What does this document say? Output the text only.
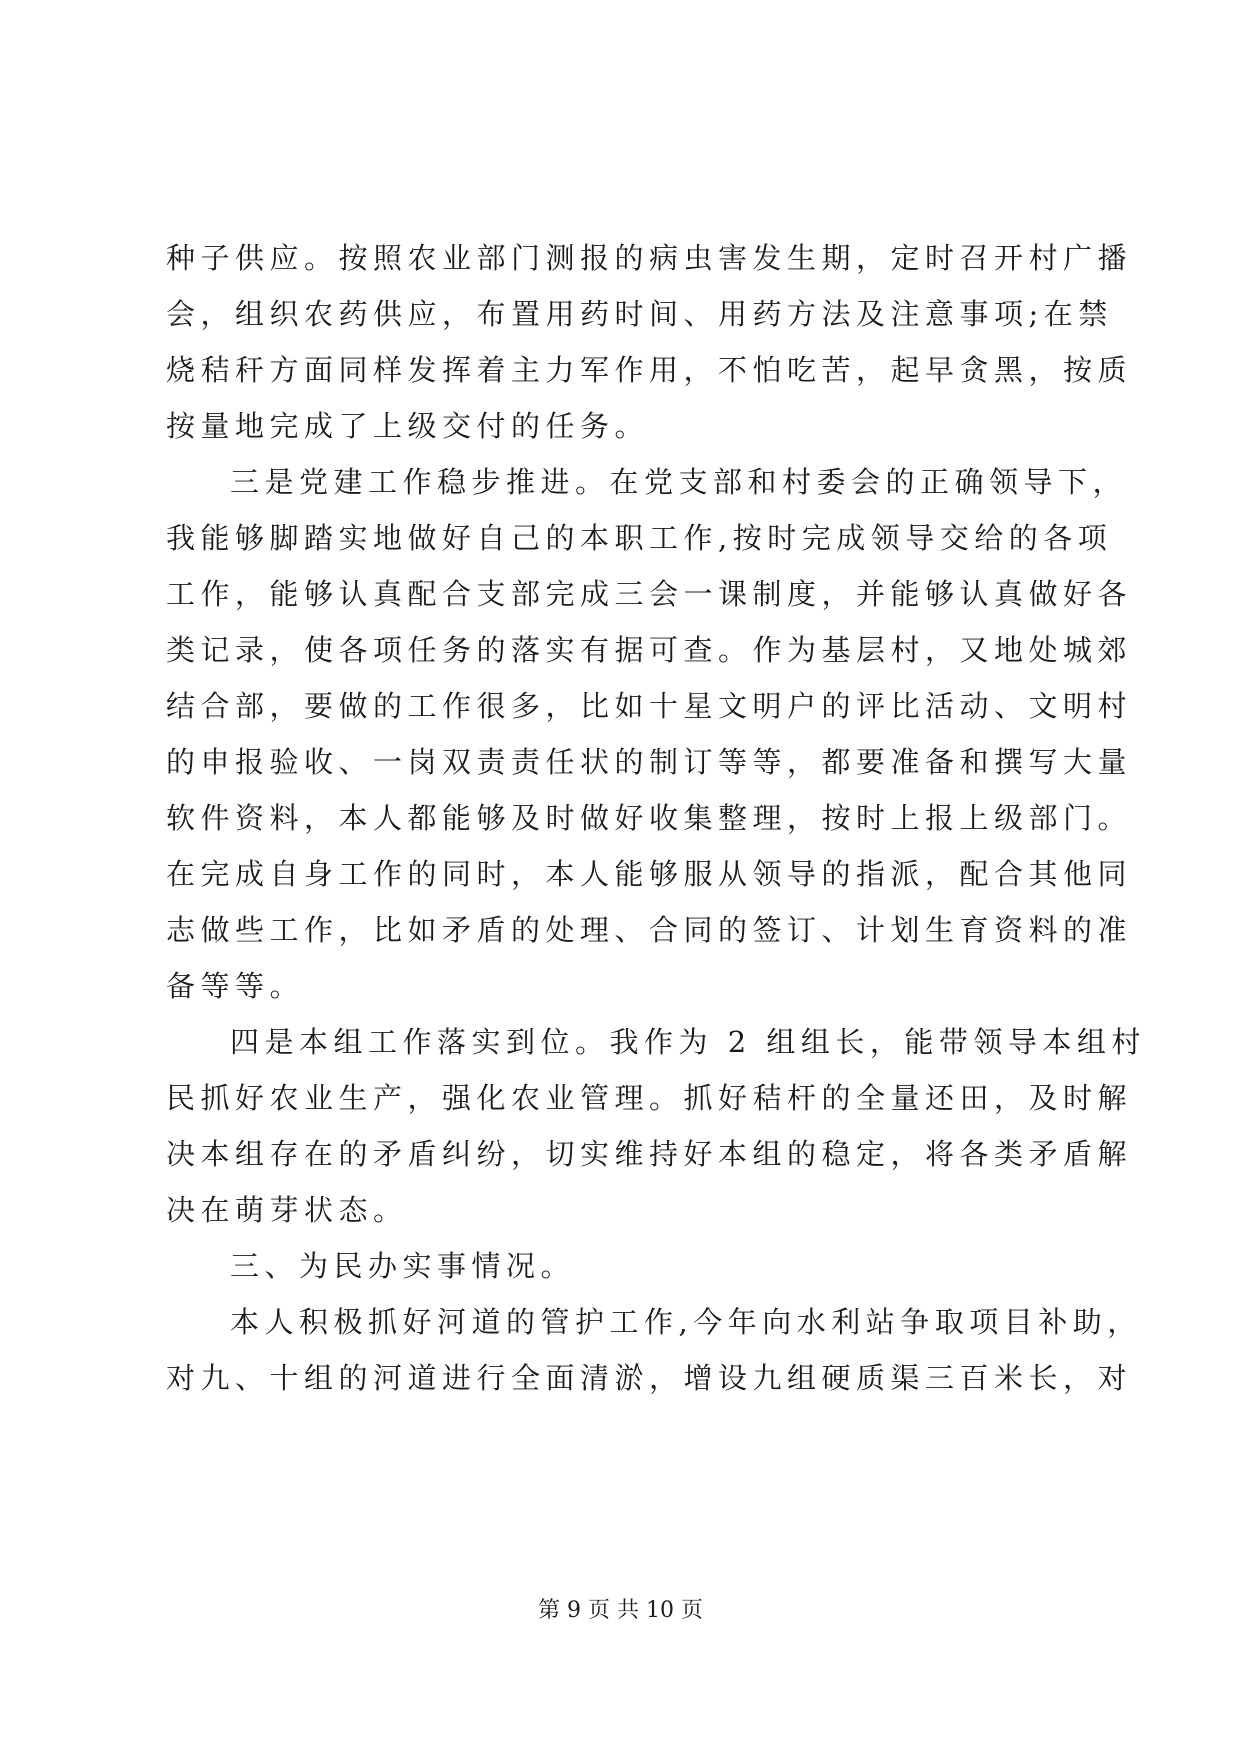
种子供应。按照农业部门测报的病虫害发生期，定时召开村广播
会，组织农药供应，布置用药时间、用药方法及注意事项;在禁
烧秸秆方面同样发挥着主力军作用，不怕吃苦，起早贪黑，按质
按量地完成了上级交付的任务。
三是党建工作稳步推进。在党支部和村委会的正确领导下，
我能够脚踏实地做好自己的本职工作,按时完成领导交给的各项
工作，能够认真配合支部完成三会一课制度，并能够认真做好各
类记录，使各项任务的落实有据可查。作为基层村，又地处城郊
结合部，要做的工作很多，比如十星文明户的评比活动、文明村
的申报验收、一岗双责责任状的制订等等，都要准备和撰写大量
软件资料，本人都能够及时做好收集整理，按时上报上级部门。
在完成自身工作的同时，本人能够服从领导的指派，配合其他同
志做些工作，比如矛盾的处理、合同的签订、计划生育资料的准
备等等。
四是本组工作落实到位。我作为 2 组组长，能带领导本组村
民抓好农业生产，强化农业管理。抓好秸杆的全量还田，及时解
决本组存在的矛盾纠纷，切实维持好本组的稳定，将各类矛盾解
决在萌芽状态。
三、为民办实事情况。
本人积极抓好河道的管护工作,今年向水利站争取项目补助，
对九、十组的河道进行全面清淤，增设九组硬质渠三百米长，对
第 9 页 共 10 页
